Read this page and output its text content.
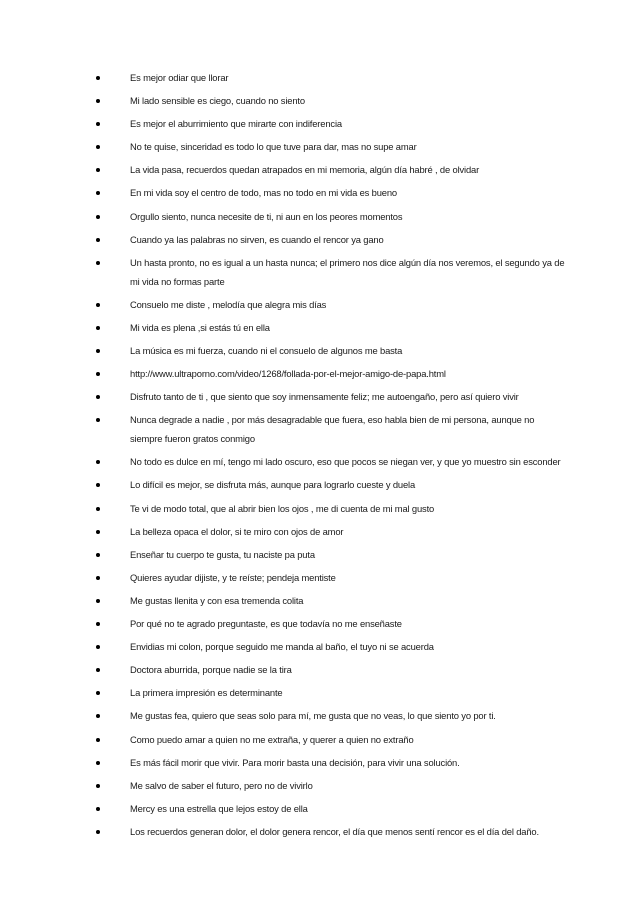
Es mejor odiar que llorar
Mi lado sensible es ciego, cuando no siento
Es mejor el aburrimiento que mirarte con indiferencia
No te quise, sinceridad es todo lo que tuve para dar, mas no supe amar
La vida pasa, recuerdos quedan atrapados en mi memoria, algún día habré , de olvidar
En mi vida soy el centro de todo, mas no todo en mi vida es bueno
Orgullo siento, nunca necesite de ti, ni aun en los peores momentos
Cuando ya las palabras no sirven, es cuando el rencor ya gano
Un hasta pronto, no es igual a un hasta nunca; el primero nos dice algún día nos veremos, el segundo ya de
mi vida no formas parte
Consuelo me diste , melodía que alegra mis días
Mi vida es plena ,si estás tú en ella
La música es mi fuerza, cuando ni el consuelo de algunos me basta
http://www.ultraporno.com/video/1268/follada-por-el-mejor-amigo-de-papa.html
Disfruto tanto de ti , que siento que soy inmensamente feliz; me autoengaño, pero así quiero vivir
Nunca degrade a nadie , por más desagradable que fuera, eso habla bien de mi persona, aunque no
siempre fueron gratos conmigo
No todo es dulce en mí, tengo mi lado oscuro, eso que pocos se niegan ver, y que yo muestro sin esconder
Lo difícil es mejor, se disfruta más, aunque para lograrlo cueste y duela
Te vi de modo total, que al abrir bien los ojos , me di cuenta de mi mal gusto
La belleza opaca el dolor, si te miro con ojos de amor
Enseñar tu cuerpo te gusta, tu naciste pa puta
Quieres ayudar dijiste, y te reíste; pendeja mentiste
Me gustas llenita y con esa tremenda colita
Por qué no te agrado preguntaste, es que todavía no me enseñaste
Envidias mi colon, porque seguido me manda al baño, el tuyo ni se acuerda
Doctora aburrida, porque nadie se la tira
La primera impresión es determinante
Me gustas fea, quiero que seas solo para mí, me gusta que no veas, lo que siento yo por ti.
Como puedo amar a quien no me extraña, y querer a quien no extraño
Es más fácil morir que vivir. Para morir basta una decisión, para vivir una solución.
Me salvo de saber el futuro, pero no de vivirlo
Mercy es una estrella que lejos estoy de ella
Los recuerdos generan dolor, el dolor genera rencor, el día que menos sentí rencor es el día del daño.
